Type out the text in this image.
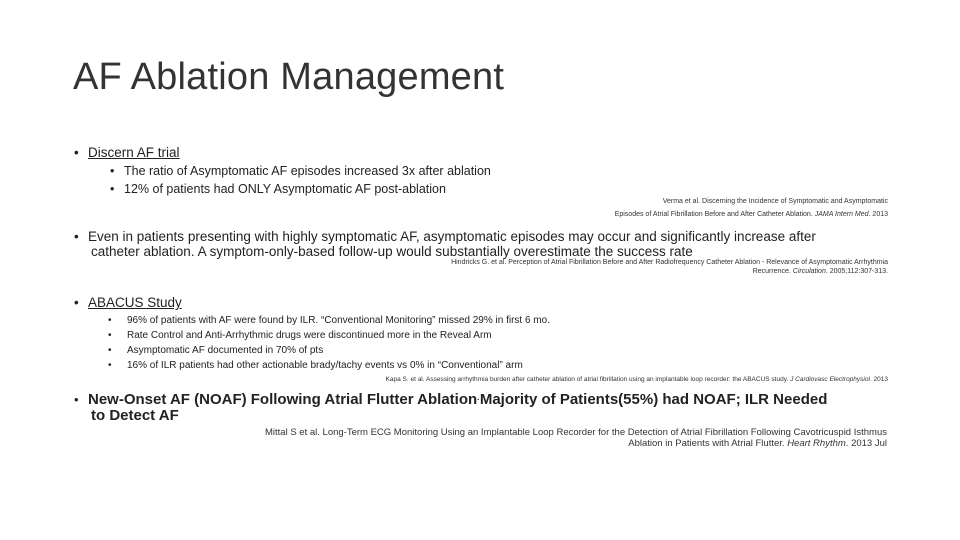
AF Ablation Management
• Discern AF trial
• The ratio of Asymptomatic AF episodes increased 3x after ablation
• 12% of patients had ONLY Asymptomatic AF post-ablation
Verma et al. Discerning the Incidence of Symptomatic and Asymptomatic
Episodes of Atrial Fibrillation Before and After Catheter Ablation. JAMA Intern Med. 2013
• Even in patients presenting with highly symptomatic AF, asymptomatic episodes may occur and significantly increase after
catheter ablation. A symptom-only-based follow-up would substantially overestimate the success rate
Hindricks G. et al. Perception of Atrial Fibrillation Before and After Radiofrequency Catheter Ablation - Relevance of Asymptomatic Arrhythmia
Recurrence. Circulation. 2005;112:307-313.
• ABACUS Study
• 96% of patients with AF were found by ILR. “Conventional Monitoring” missed 29% in first 6 mo.
• Rate Control and Anti-Arrhythmic drugs were discontinued more in the Reveal Arm
• Asymptomatic AF documented in 70% of pts
• 16% of ILR patients had other actionable brady/tachy events vs 0% in “Conventional” arm
Kapa S. et al. Assessing arrhythmia burden after catheter ablation of atrial fibrillation using an implantable loop recorder: the ABACUS study. J Cardiovasc Electrophysiol. 2013
• New-Onset AF (NOAF) Following Atrial Flutter Ablation·Majority of Patients(55%) had NOAF; ILR Needed
to Detect AF
Mittal S et al. Long-Term ECG Monitoring Using an Implantable Loop Recorder for the Detection of Atrial Fibrillation Following Cavotricuspid Isthmus
Ablation in Patients with Atrial Flutter. Heart Rhythm. 2013 Jul
